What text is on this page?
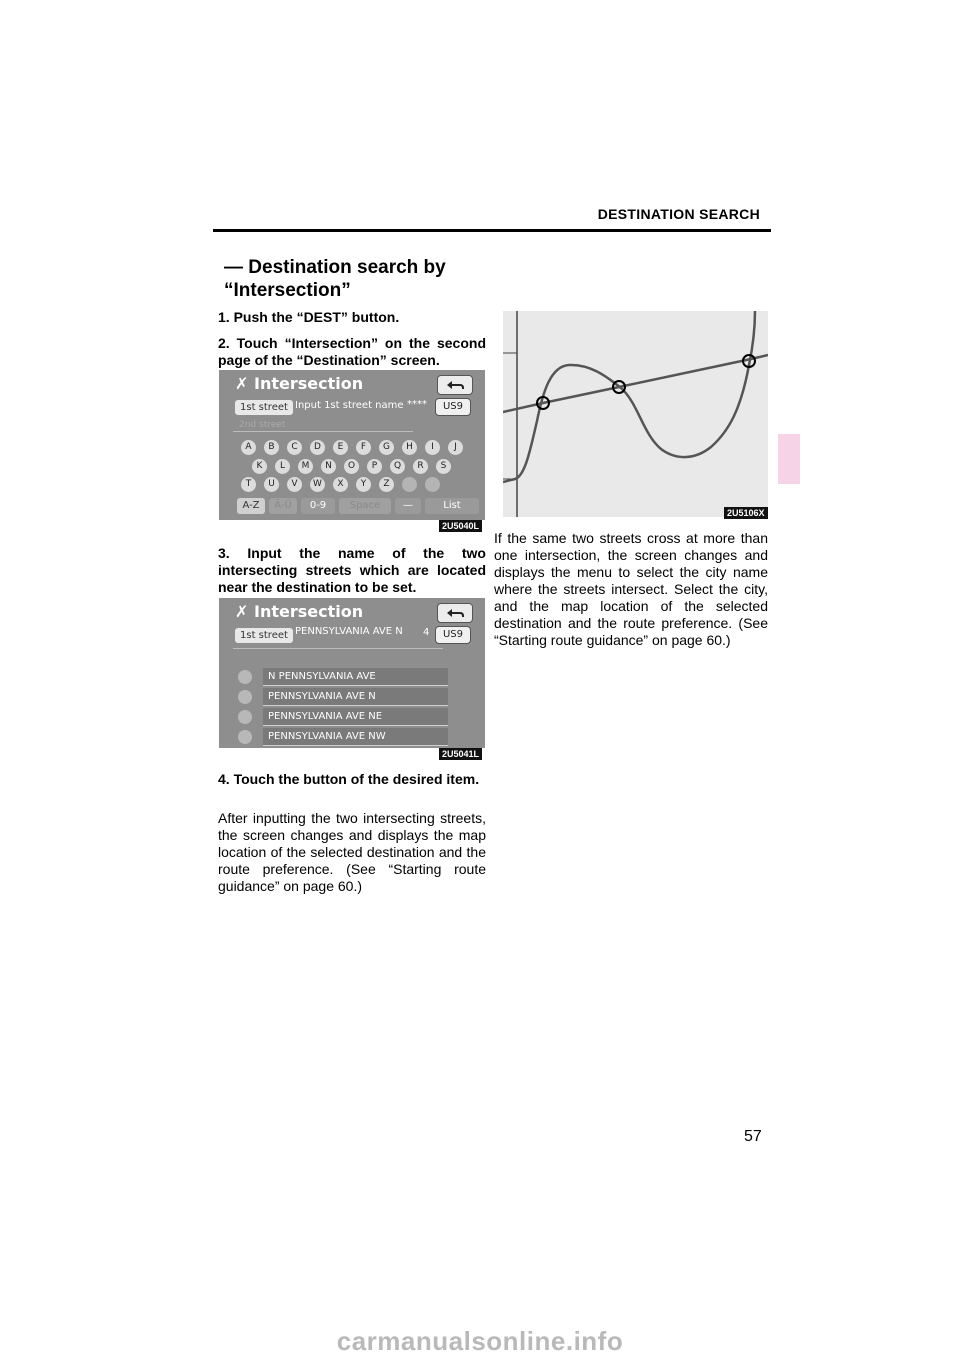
DESTINATION SEARCH
— Destination search by
“Intersection”
1. Push the “DEST” button.
2. Touch “Intersection” on the second page of the “Destination” screen.
✗ Intersection
1st street Input 1st street name ****	US9
2nd street
A	B	C	D	E	F	G	H	I	J
K	L	M	N	O	P	Q	R	S
T	U	V	W	X	Y	Z
A-Z	Ä-Ü	0-9	Space	—	List
2U5040L
3. Input the name of the two intersecting streets which are located near the destination to be set.
✗ Intersection
1st street PENNSYLVANIA AVE N 4	US9
N PENNSYLVANIA AVE
PENNSYLVANIA AVE N
PENNSYLVANIA AVE NE
PENNSYLVANIA AVE NW
2U5041L
4. Touch the button of the desired item.
After inputting the two intersecting streets, the screen changes and displays the map location of the selected destination and the route preference. (See “Starting route guidance” on page 60.)
2U5106X
If the same two streets cross at more than one intersection, the screen changes and displays the menu to select the city name where the streets intersect. Select the city, and the map location of the selected destination and the route preference. (See “Starting route guidance” on page 60.)
57
carmanualsonline.info
